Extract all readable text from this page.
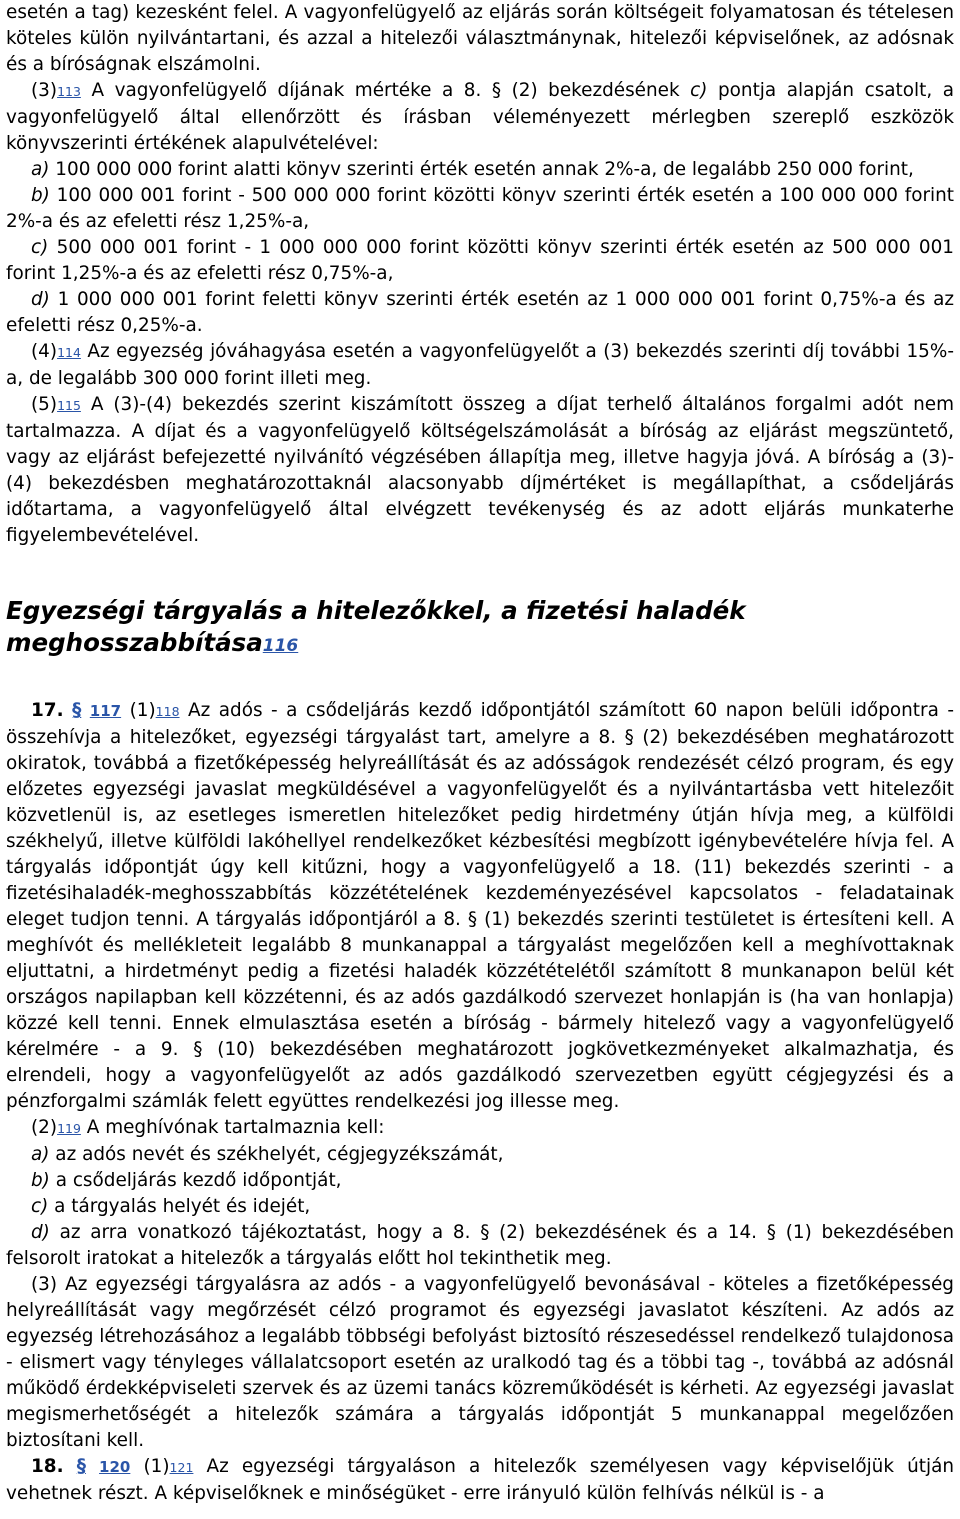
esetén a tag) kezesként felel. A vagyonfelügyelő az eljárás során költségeit folyamatosan és tételesen köteles külön nyilvántartani, és azzal a hitelezői választmánynak, hitelezői képviselőnek, az adósnak és a bíróságnak elszámolni.

(3)113 A vagyonfelügyelő díjának mértéke a 8. § (2) bekezdésének c) pontja alapján csatolt, a vagyonfelügyelő által ellenőrzött és írásban véleményezett mérlegben szereplő eszközök könyvszerinti értékének alapulvételével:

a) 100 000 000 forint alatti könyv szerinti érték esetén annak 2%-a, de legalább 250 000 forint,

b) 100 000 001 forint - 500 000 000 forint közötti könyv szerinti érték esetén a 100 000 000 forint 2%-a és az efeletti rész 1,25%-a,

c) 500 000 001 forint - 1 000 000 000 forint közötti könyv szerinti érték esetén az 500 000 001 forint 1,25%-a és az efeletti rész 0,75%-a,

d) 1 000 000 001 forint feletti könyv szerinti érték esetén az 1 000 000 001 forint 0,75%-a és az efeletti rész 0,25%-a.

(4)114 Az egyezség jóváhagyása esetén a vagyonfelügyelőt a (3) bekezdés szerinti díj további 15%-a, de legalább 300 000 forint illeti meg.

(5)115 A (3)-(4) bekezdés szerint kiszámított összeg a díjat terhelő általános forgalmi adót nem tartalmazza. A díjat és a vagyonfelügyelő költségelszámolását a bíróság az eljárást megszüntető, vagy az eljárást befejezetté nyilvánító végzésében állapítja meg, illetve hagyja jóvá. A bíróság a (3)-(4) bekezdésben meghatározottaknál alacsonyabb díjmértéket is megállapíthat, a csődeljárás időtartama, a vagyonfelügyelő által elvégzett tevékenység és az adott eljárás munkaterhe figyelembevételével.

Egyezségi tárgyalás a hitelezőkkel, a fizetési haladék meghosszabbítása116

17. § 117 (1)118 Az adós - a csődeljárás kezdő időpontjától számított 60 napon belüli időpontra - összehívja a hitelezőket, egyezségi tárgyalást tart, amelyre a 8. § (2) bekezdésében meghatározott okiratok, továbbá a fizetőképesség helyreállítását és az adósságok rendezését célzó program, és egy előzetes egyezségi javaslat megküldésével a vagyonfelügyelőt és a nyilvántartásba vett hitelezőit közvetlenül is, az esetleges ismeretlen hitelezőket pedig hirdetmény útján hívja meg, a külföldi székhelyű, illetve külföldi lakóhellyel rendelkezőket kézbesítési megbízott igénybevételére hívja fel. A tárgyalás időpontját úgy kell kitűzni, hogy a vagyonfelügyelő a 18. (11) bekezdés szerinti - a fizetésihaladék-meghosszabbítás közzétételének kezdeményezésével kapcsolatos - feladatainak eleget tudjon tenni. A tárgyalás időpontjáról a 8. § (1) bekezdés szerinti testületet is értesíteni kell. A meghívót és mellékleteit legalább 8 munkanappal a tárgyalást megelőzően kell a meghívottaknak eljuttatni, a hirdetményt pedig a fizetési haladék közzétételétől számított 8 munkanapon belül két országos napilapban kell közzétenni, és az adós gazdálkodó szervezet honlapján is (ha van honlapja) közzé kell tenni. Ennek elmulasztása esetén a bíróság - bármely hitelező vagy a vagyonfelügyelő kérelmére - a 9. § (10) bekezdésében meghatározott jogkövetkezményeket alkalmazhatja, és elrendeli, hogy a vagyonfelügyelőt az adós gazdálkodó szervezetben együtt cégjegyzési és a pénzforgalmi számlák felett együttes rendelkezési jog illesse meg.

(2)119 A meghívónak tartalmaznia kell:

a) az adós nevét és székhelyét, cégjegyzékszámát,

b) a csődeljárás kezdő időpontját,

c) a tárgyalás helyét és idejét,

d) az arra vonatkozó tájékoztatást, hogy a 8. § (2) bekezdésének és a 14. § (1) bekezdésében felsorolt iratokat a hitelezők a tárgyalás előtt hol tekinthetik meg.

(3) Az egyezségi tárgyalásra az adós - a vagyonfelügyelő bevonásával - köteles a fizetőképesség helyreállítását vagy megőrzését célzó programot és egyezségi javaslatot készíteni. Az adós az egyezség létrehozásához a legalább többségi befolyást biztosító részesedéssel rendelkező tulajdonosa - elismert vagy tényleges vállalatcsoport esetén az uralkodó tag és a többi tag -, továbbá az adósnál működő érdekképviseleti szervek és az üzemi tanács közreműködését is kérheti. Az egyezségi javaslat megismerhetőségét a hitelezők számára a tárgyalás időpontját 5 munkanappal megelőzően biztosítani kell.

18. § 120 (1)121 Az egyezségi tárgyaláson a hitelezők személyesen vagy képviselőjük útján vehetnek részt. A képviselőknek e minőségüket - erre irányuló külön felhívás nélkül is - a
